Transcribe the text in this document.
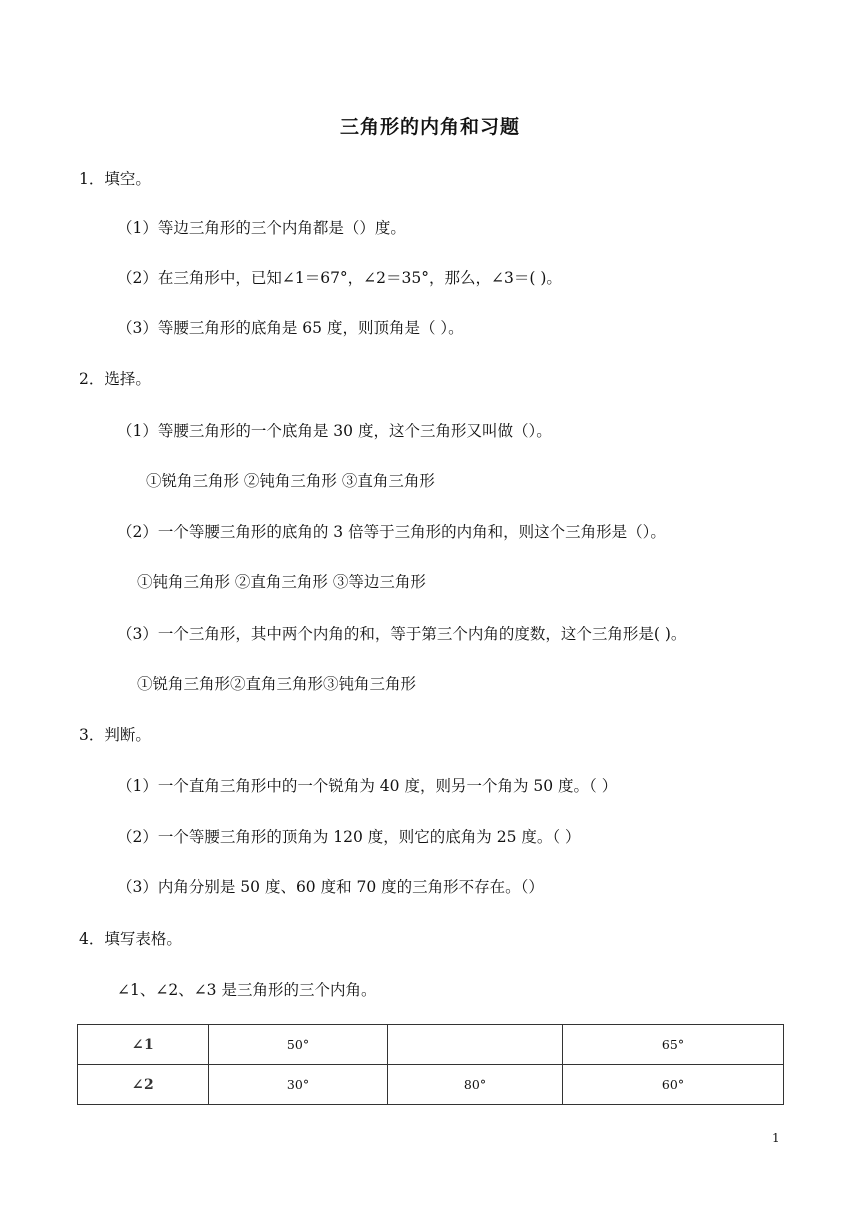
三角形的内角和习题
1．填空。
（1）等边三角形的三个内角都是（）度。
（2）在三角形中，已知∠1＝67°，∠2＝35°，那么，∠3＝( )。
（3）等腰三角形的底角是 65 度，则顶角是（ ）。
2．选择。
（1）等腰三角形的一个底角是 30 度，这个三角形又叫做（）。
①锐角三角形 ②钝角三角形 ③直角三角形
（2）一个等腰三角形的底角的 3 倍等于三角形的内角和，则这个三角形是（）。
①钝角三角形 ②直角三角形 ③等边三角形
（3）一个三角形，其中两个内角的和，等于第三个内角的度数，这个三角形是( )。
①锐角三角形②直角三角形③钝角三角形
3．判断。
（1）一个直角三角形中的一个锐角为 40 度，则另一个角为 50 度。（ ）
（2）一个等腰三角形的顶角为 120 度，则它的底角为 25 度。（ ）
（3）内角分别是 50 度、60 度和 70 度的三角形不存在。（）
4．填写表格。
∠1、∠2、∠3 是三角形的三个内角。
∠1	50°		65°
∠2	30°	80°	60°
1
